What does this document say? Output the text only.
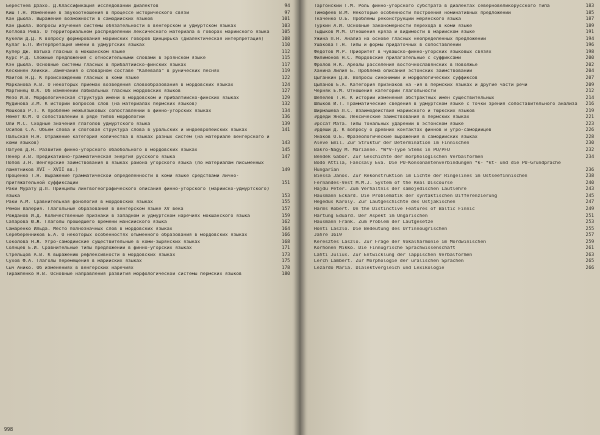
Берестнев Дзахо. Д.Классификация исследовании диалектов	94
Киш Т.Н. Изменение в звукоотношения в процессе исторического связи	97
Кан Дьюла. Выражение возможности в самодийских языков	101
Кан Дьюла. Вопросы изучения системы обязательности в венгерском и удмуртском языках	103
Котлова Рива. О территориальном распределении лексического материала в говорах марийского языка	105
Кукели Д.Д. К вопросу формирования марийских говоров Цинцирька (диалектическая интерпретация)	108
Кулаг Б.П. Интерпретация имени в удмуртских языках	110
Купер Дж. Ватыха гласных в мокшанском языке	112
Курс Р.Д. Сложные предложения с относительными словами в эрзянском языке	115
Кэн Дьюла. Основные системы гласных в прибалтийско-финских языках	117
Кескинен Хейкки. Замечания о словарном составе "Калевала" в рунических песнях	119
Майтов Н.Д. К происхождению гласных в коми языке	122
Марканова А.В. О некоторых приемах возведения словообразования в мордовских языках	124
Мартинец Ю.К. Об изменении лабиальных гласных мордовских языков	127
Мезо И.В. Морфологическая структура имени в мордовском и прибалтийско-финских языках	129
Мудинова З.М. К истории вопросов слов (на материалах пермских языков)	132
Мошкова Р.Т. К проблеме межъязыковых сопоставлений в финно-угорских языках	134
Немет Ю.М. О сопоставлении в ряде типов морфологии	136
Оли М.С. Сходные значения глаголов удмуртского языка	139
Осипов С.А. Объем слова и слоговая структура слова в уральских и индоевропейских языках	141
Пальская Н.Н. Отражение категория количества в языках разных систем (на материале венгерского и коми языков)	143
Патуев Д.Н. Развитие финно-угорского обаобольного в мордовских языках	145
Пенер Э.В. Предикативно-грамматическая энергия русского языка	147
Попов З.Н. Венгерские заимствования в языках района угорского языка (по материалам письменных памятников XVI - XVII вв.)	149
Проценко Т.Н. Выражение грамматической определенности в коми языке средствами лично-притяжательной суффиксации	151
Раки Мурату Д.Л. Принципы лингвогеографического описания финно-угорского (марийско-удмуртского) языка	153
Раки А.М. Сравнительная фонология в мордовских языках	155
Ремой Валерия. Глагольные образования в венгерском языке XV века	157
Рожданов И.Д. Количественные признаки в западном и удмуртском наречиях мокшанского языка	159
Сапарова Ю.Ж. Глаголы прошедшего времени мансийского языка	162
Самаренко Ильда. Место полнозначных слов в мордовских языках	164
Сереберенников Б.А. О некоторых особенностях отыменного образования в мордовских языках	166
Соколова Н.Ж. Угро-самодийские существительные в коми-зырянских языках	168
Солнцев Е.И. Сравнительные типы предложений в финно-угорских языках	171
Стрельцов А.В. К выражению рефлексивности в мордовских языках	173
Сухов Ф.А. Глаголы перемещения в марийских языках	175
Сыч Анико. Об изменениях в венгерских наречиях	178
Тиражпенко Н.В. Основные направления развития морфологической системы пермских языков	180
998
Таргонский Г.М. Роль финно-угорского субстрата в диалектах северновеликорусского типа	183
Тимофеев В.М. Некоторые особенности построения номинативных предложений	185
Ткаченко О.Б. Проблемы реконструкции мерянского языка	187
Туркин А.И. Основные закономерности перехода в коми языке	189
Тыдыков М.М. Отношения кряза и видимости в марийском языке	191
Ужина П.Н. Анализ на основе гласных неопределенных предложений	194
Ушакова Г.Н. Типы и формы придаточных в сопоставлении	196
Федотов М.Р. Приоритет в чувашско-финно-угорских языковых связях	198
Филимонов Н.С. Мордовские прилагательные с суффиксами	200
Фролов Н.К. Ареалы расселения восточнославянских в Поволжье	202
Ханина Лилия Б. Проблема описания эстонских заимствований	204
Цыганкин Д.В. Вопросы синонимии и морфологических суффиксов	207
Цыпанов Е.А. Категория признаков на -йя в пермских языках и другие части речи	209
Черняк Е.М. Отношения категорий глагольности	212
Шепелев Т.Н. К истории изменения абстрактных имен существительных	214
Шлыков И.Т. Грамматические сведения в удмуртском языке с точки зрения сопоставительного анализа	216
Ширмашева Л.С. Взаимодействия марийского и тюркских языков	219
Эрдёди Янош. Лексические заимствования в пермских языках	221
Эрссат Мата. Типы тональных ударений в эстонском языке	223
Эрдёши Д. К вопросу о древних контактах финнов и угро-самодийцев	226
Янаков О.Е. Фразеологические выражения в самодийских языках	228
Aleve Emil. Zur Struktur der Determination im Finnischen	230
Bakro-Nagy M. Marianne. *W*V-Type Stems in PU/PFU	232
Bendek Gabor. Zur Geschichte der morphologischen Verbalformen	234
Bodó Attila, Fancsaly Eva. Die PU-Konsonantenverbindungen *k- *kt- und die PU-Grundprache Hungarian	236
Biessa Janos. Zur Rekonstruktion im Lichte der Ringelines im Ostseefinnischen	238
Fernandes-Vest M.M.J. System of the Real Discourse	240
Hajdu Peter. Zum Verhaltnis der samojedischen Lautlehre	243
Hausmann Eckard. Die Problematik der syntaktischen Differenzierung	245
Hegedus Karoly. Zur Lautgeschichte des Ostjakischen	247
Harms Robert. On the Distinctive Features of Baltic Finnic	249
Hartung Eduard. Der Aspekt im Ungarischen	251
Hausmann Frank. Zum Problem der Lautgesetze	253
Honti Laszlo. Die Bedeutung des Urfinnougrischen	255
Jahre 1619	257
Keresztes Laszlo. Zur Frage der Vokalharmonie im Mordwinischen	259
Korhonen Mikko. Die Finnugrische Sprachwissenschaft	261
Lahti Julius. Zur Entwicklung der lappischen Verbalformen	263
Lerch Lambert. Zur Morphologie der uralischen Sprachen	265
Lezardo Maria. Dialektvergleich und Lexikologie	266
